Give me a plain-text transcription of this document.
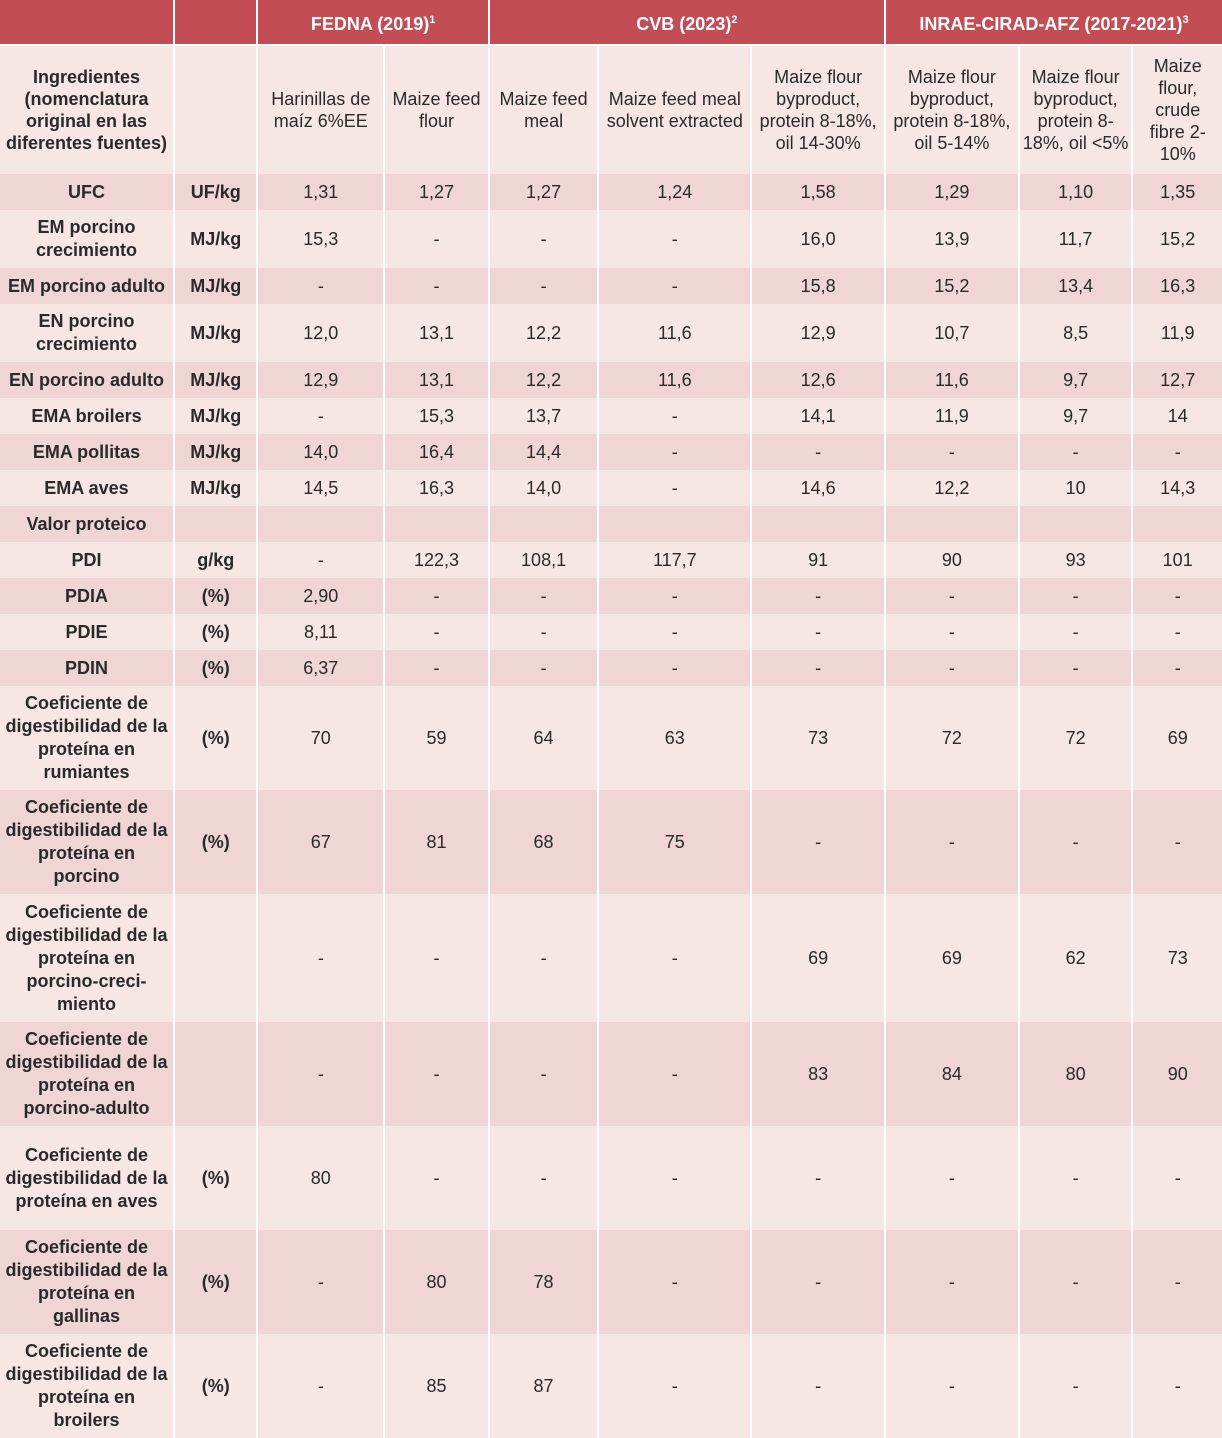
		FEDNA $(2019)^1$		CVB $(2023)^2$			INRAE-CIRAD-AFZ (2017-2021)$^3$
Ingredientes (nomenclatura original en las diferentes fuentes)		Harinillas de maíz 6%EE	Maize feed flour	Maize feed meal	Maize feed meal solvent extracted	Maize flour byproduct, protein 8-18%, oil 14-30%	Maize flour byproduct, protein 8-18%, oil 5-14%	Maize flour byproduct, protein 8-18%, oil <5%	Maize flour, crude fibre 2-10%
UFC	UF/kg	1,31	1,27	1,27	1,24	1,58	1,29	1,10	1,35
EM porcino crecimiento	MJ/kg	15,3	-	-	-	16,0	13,9	11,7	15,2
EM porcino adulto	MJ/kg	-	-	-	-	15,8	15,2	13,4	16,3
EN porcino crecimiento	MJ/kg	12,0	13,1	12,2	11,6	12,9	10,7	8,5	11,9
EN porcino adulto	MJ/kg	12,9	13,1	12,2	11,6	12,6	11,6	9,7	12,7
EMA broilers	MJ/kg	-	15,3	13,7	-	14,1	11,9	9,7	14
EMA pollitas	MJ/kg	14,0	16,4	14,4	-	-	-	-	-
EMA aves	MJ/kg	14,5	16,3	14,0	-	14,6	12,2	10	14,3
Valor proteico									
PDI	g/kg	-	122,3	108,1	117,7	91	90	93	101
PDIA	(%)	2,90	-	-	-	-	-	-	-
PDIE	(%)	8,11	-	-	-	-	-	-	-
PDIN	(%)	6,37	-	-	-	-	-	-	-
Coeficiente de digestibilidad de la proteína en rumiantes	(%)	70	59	64	63	73	72	72	69
Coeficiente de digestibilidad de la proteína en porcino	(%)	67	81	68	75	-	-	-	-
Coeficiente de digestibilidad de la proteína en porcino-creci-miento		-	-	-	-	69	69	62	73
Coeficiente de digestibilidad de la proteína en porcino-adulto		-	-	-	-	83	84	80	90
Coeficiente de digestibilidad de la proteína en aves	(%)	80	-	-	-	-	-	-	-
Coeficiente de digestibilidad de la proteína en gallinas	(%)	-	80	78	-	-	-	-	-
Coeficiente de digestibilidad de la proteína en broilers	(%)	-	85	87	-	-	-	-	-
